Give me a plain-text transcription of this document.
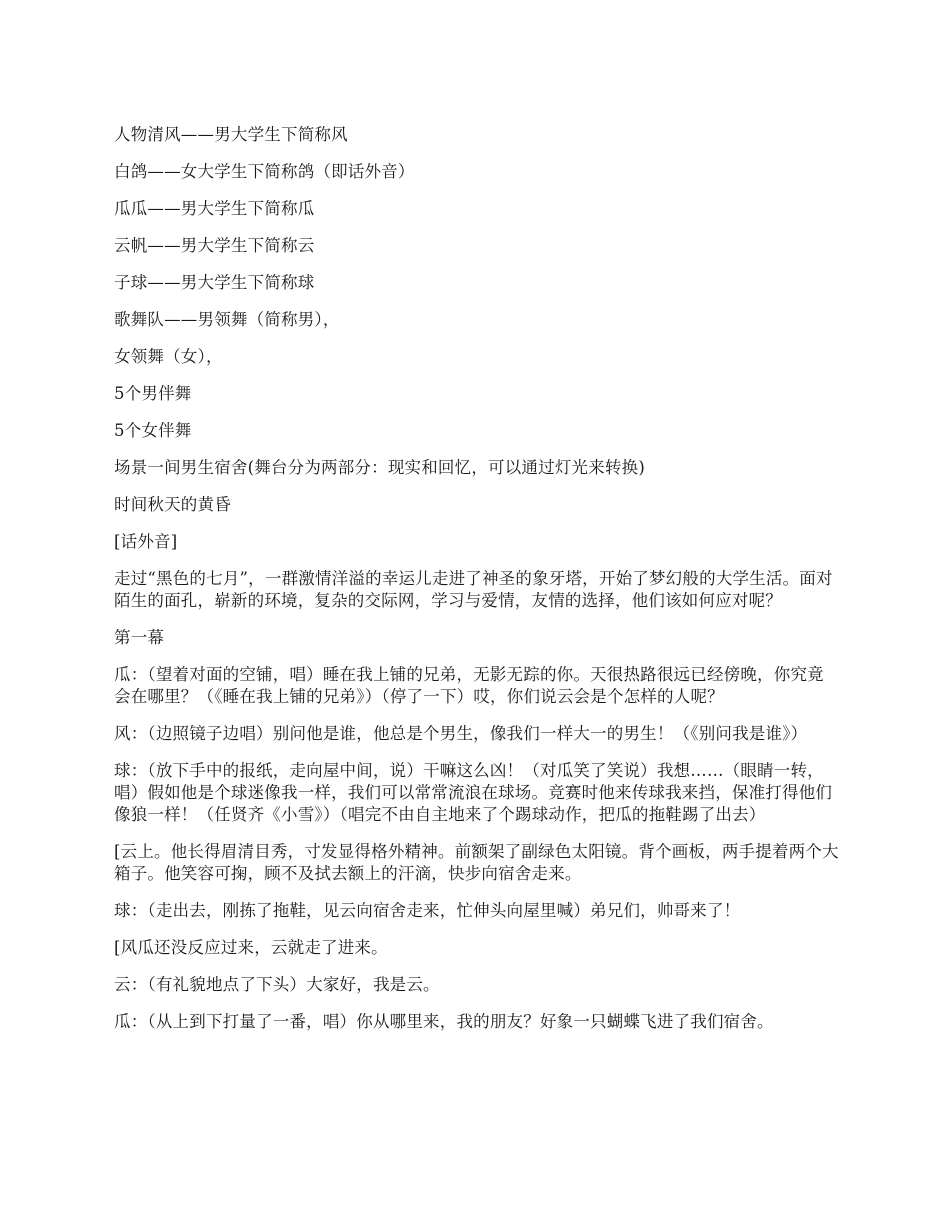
人物清风——男大学生下简称风

白鸽——女大学生下简称鸽（即话外音）

瓜瓜——男大学生下简称瓜

云帆——男大学生下简称云

子球——男大学生下简称球

歌舞队——男领舞（简称男），

女领舞（女），

5个男伴舞

5个女伴舞

场景一间男生宿舍(舞台分为两部分：现实和回忆，可以通过灯光来转换)

时间秋天的黄昏

[话外音]

走过“黑色的七月”，一群激情洋溢的幸运儿走进了神圣的象牙塔，开始了梦幻般的大学生活。面对陌生的面孔，崭新的环境，复杂的交际网，学习与爱情，友情的选择，他们该如何应对呢？

第一幕

瓜：（望着对面的空铺，唱）睡在我上铺的兄弟，无影无踪的你。天很热路很远已经傍晚，你究竟会在哪里？（《睡在我上铺的兄弟》）（停了一下）哎，你们说云会是个怎样的人呢？

风：（边照镜子边唱）别问他是谁，他总是个男生，像我们一样大一的男生！（《别问我是谁》）

球：（放下手中的报纸，走向屋中间，说）干嘛这么凶！（对瓜笑了笑说）我想……（眼睛一转，唱）假如他是个球迷像我一样，我们可以常常流浪在球场。竞赛时他来传球我来挡，保准打得他们像狼一样！（任贤齐《小雪》）（唱完不由自主地来了个踢球动作，把瓜的拖鞋踢了出去）

[云上。他长得眉清目秀，寸发显得格外精神。前额架了副绿色太阳镜。背个画板，两手提着两个大箱子。他笑容可掬，顾不及拭去额上的汗滴，快步向宿舍走来。

球：（走出去，刚拣了拖鞋，见云向宿舍走来，忙伸头向屋里喊）弟兄们，帅哥来了！

[风瓜还没反应过来，云就走了进来。

云：（有礼貌地点了下头）大家好，我是云。

瓜：（从上到下打量了一番，唱）你从哪里来，我的朋友？好象一只蝴蝶飞进了我们宿舍。
